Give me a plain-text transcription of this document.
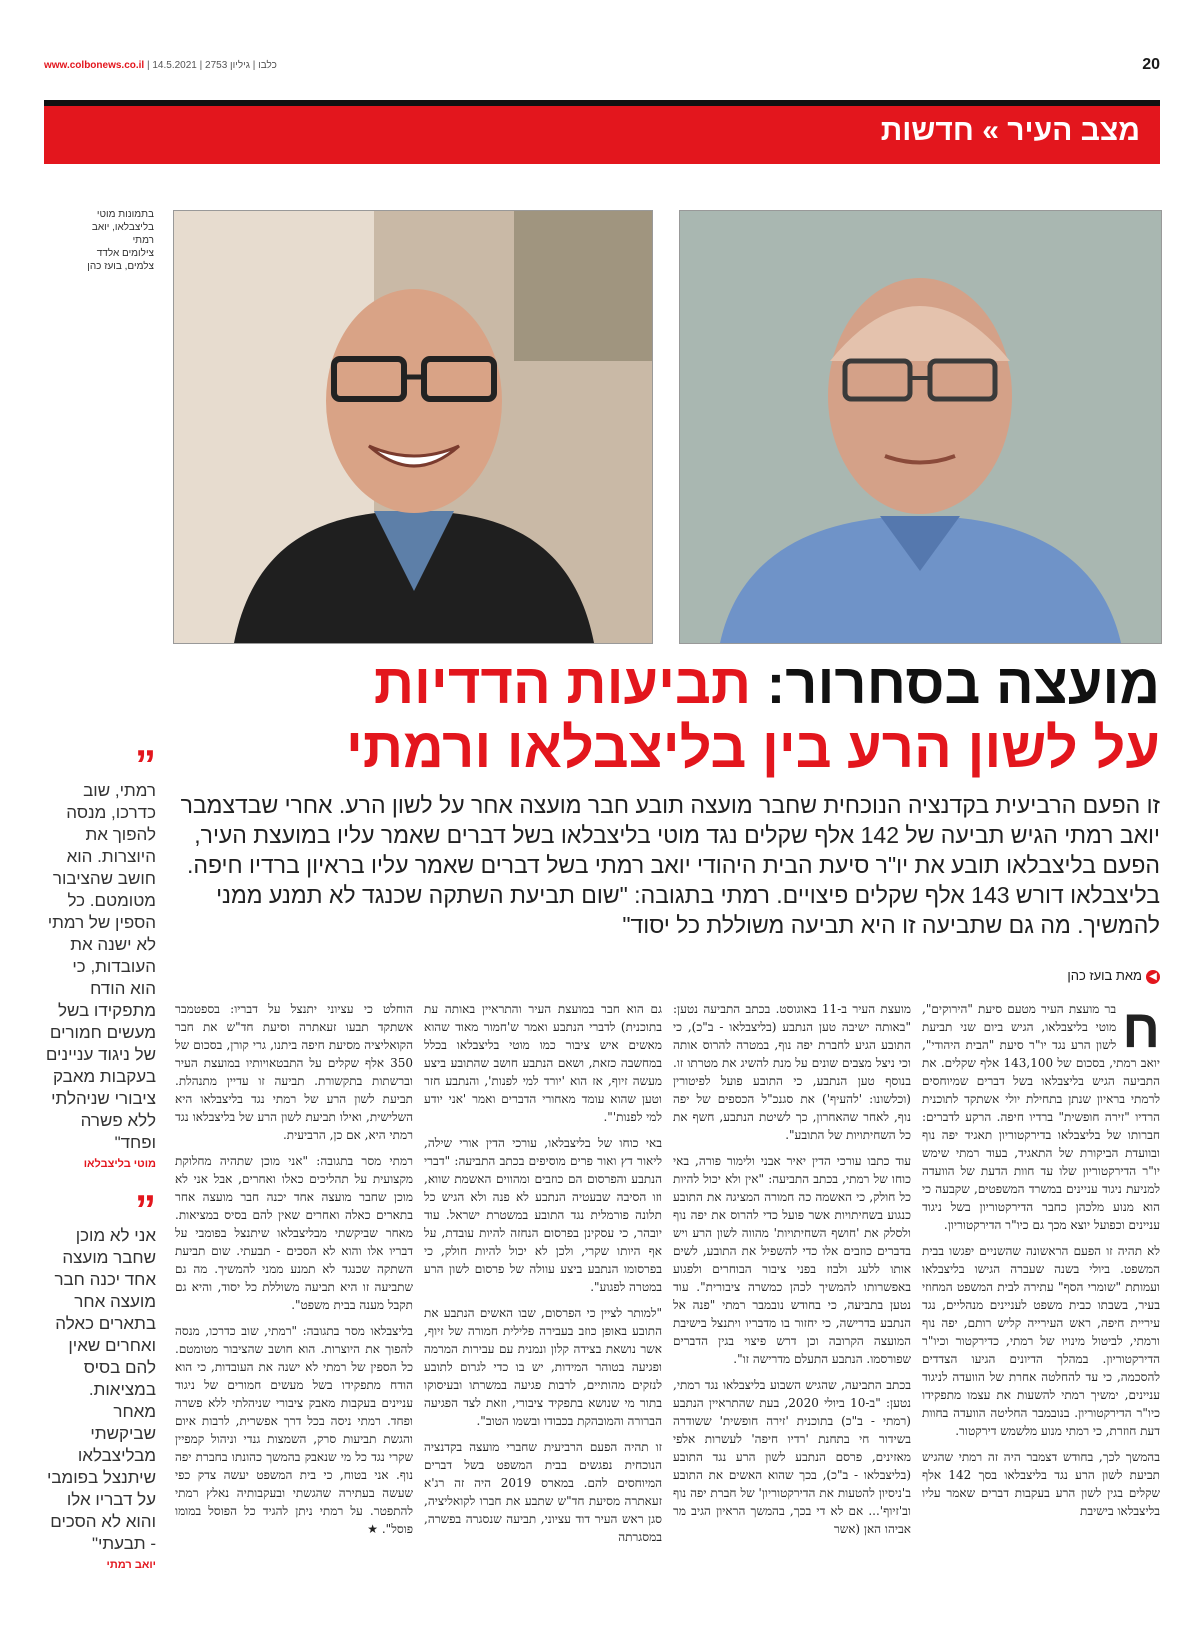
www.colbonews.co.il | כלבו | גיליון 2753 | 14.5.2021	20
מצב העיר » חדשות
בתמונות מוטי
בליצבלאו, יואב
רמתי
צילומים אלדד
צלמים, בועז כהן
מועצה בסחרור: תביעות הדדיות
על לשון הרע בין בליצבלאו ורמתי
זו הפעם הרביעית בקדנציה הנוכחית שחבר מועצה תובע חבר מועצה אחר על לשון הרע. אחרי שבדצמבר יואב רמתי הגיש תביעה של 142 אלף שקלים נגד מוטי בליצבלאו בשל דברים שאמר עליו במועצת העיר, הפעם בליצבלאו תובע את יו"ר סיעת הבית היהודי יואב רמתי בשל דברים שאמר עליו בראיון ברדיו חיפה. בליצבלאו דורש 143 אלף שקלים פיצויים. רמתי בתגובה: "שום תביעת השתקה שכנגד לא תמנע ממני להמשיך. מה גם שתביעה זו היא תביעה משוללת כל יסוד"
◀מאת בועז כהן
ח

בר מועצת העיר מטעם סיעת "הירוקים", מוטי בליצבלאו, הגיש ביום שני תביעת לשון הרע נגד יו"ר סיעת "הבית היהודי", יואב רמתי, בסכום של 143,100 אלף שקלים. את התביעה הגיש בליצבלאו בשל דברים שמיוחסים לרמתי בראיון שנתן בתחילת יולי אשתקד לתוכנית הרדיו "זירה חופשית" ברדיו חיפה. הרקע לדברים: חברותו של בליצבלאו בדירקטוריון תאגיד יפה נוף ובוועדת הביקורת של התאגיד, בעוד רמתי שימש יו"ר הדירקטוריון שלו עד חוות הדעת של הוועדה למניעת ניגוד עניינים במשרד המשפטים, שקבעה כי הוא מנוע מלכהן כחבר הדירקטוריון בשל ניגוד עניינים וכפועל יוצא מכך גם כיו"ר הדירקטוריון.

לא תהיה זו הפעם הראשונה שהשניים יפגשו בבית המשפט. ביולי בשנה שעברה הגישו בליצבלאו ועמותת "שומרי הסף" עתירה לבית המשפט המחוזי בעיר, בשבתו כבית משפט לעניינים מנהליים, נגד עיריית חיפה, ראש העירייה קליש רותם, יפה נוף ורמתי, לביטול מינויו של רמתי, כדירקטור וכיו"ר הדירקטוריון. במהלך הדיונים הגיעו הצדדים להסכמה, כי עד להחלטה אחרת של הוועדה לניגוד עניינים, ימשיך רמתי להשעות את עצמו מתפקידו כיו"ר הדירקטוריון. בנובמבר החליטה הוועדה בחוות דעת חוזרת, כי רמתי מנוע מלשמש דירקטור.

בהמשך לכך, בחודש דצמבר היה זה רמתי שהגיש תביעת לשון הרע נגד בליצבלאו בסך 142 אלף שקלים בגין לשון הרע בעקבות דברים שאמר עליו בליצבלאו בישיבת

מועצת העיר ב-11 באוגוסט. בכתב התביעה נטען: "באותה ישיבה טען הנתבע (בליצבלאו - ב"כ), כי התובע הגיע לחברת יפה נוף, במטרה להרוס אותה וכי ניצל מצבים שונים על מנת להשיג את מטרתו זו. בנוסף טען הנתבע, כי התובע פועל לפיטורין (וכלשונו: 'להעיף') את סגנכ"ל הכספים של יפה נוף, לאחר שהאחרון, כך לשיטת הנתבע, חשף את כל השחיתויות של התובע".

עוד כתבו עורכי הדין יאיר אבני ולימור פורה, באי כוחו של רמתי, בכתב התביעה: "אין ולא יכול להיות כל חולק, כי האשמה כה חמורה המציגה את התובע כנגוע בשחיתויות אשר פועל כדי להרוס את יפה נוף ולסלק את 'חושף השחיתויות' מהווה לשון הרע ויש בדברים כוזבים אלו כדי להשפיל את התובע, לשים אותו ללעג ולבוז בפני ציבור הבוחרים ולפגוע באפשרותו להמשיך לכהן כמשרה ציבורית". עוד נטען בתביעה, כי בחודש נובמבר רמתי "פנה אל הנתבע בדרישה, כי יחזור בו מדבריו ויתנצל בישיבת המועצה הקרובה וכן דרש פיצוי בגין הדברים שפורסמו. הנתבע התעלם מדרישה זו".

בכתב התביעה, שהגיש השבוע בליצבלאו נגד רמתי, נטען: "ב-10 ביולי 2020, בעת שהתראיין הנתבע (רמתי - ב"כ) בתוכנית 'זירה חופשית' ששודרה בשידור חי בתחנת 'רדיו חיפה' לעשרות אלפי מאזינים, פרסם הנתבע לשון הרע נגד התובע (בליצבלאו - ב"כ), בכך שהוא האשים את התובע ב'ניסיון להטעות את הדירקטוריון' של חברת יפה נוף וב'זיוף'... אם לא די בכך, בהמשך הראיון הגיב מר אביהו האן (אשר

גם הוא חבר במועצת העיר והתראיין באותה עת בתוכנית) לדברי הנתבע ואמר ש'חמור מאוד שהוא מאשים איש ציבור כמו מוטי בליצבלאו בכלל במחשבה כזאת, ושאם הנתבע חושב שהתובע ביצע מעשה זיוף, אז הוא 'יורד למי לפנות', והנתבע חזר וטען שהוא עומד מאחורי הדברים ואמר 'אני יודע למי לפנות'".

באי כוחו של בליצבלאו, עורכי הדין אורי שילה, ליאור דץ ואור פרים מוסיפים בכתב התביעה: "דברי הנתבע והפרסום הם כוזבים ומהווים האשמת שווא, וזו הסיבה שבעטיה הנתבע לא פנה ולא הגיש כל תלונה פורמלית נגד התובע במשטרת ישראל. עוד יובהר, כי עסקינן בפרסום הנחזה להיות עובדת, על אף היותו שקרי, ולכן לא יכול להיות חולק, כי בפרסומו הנתבע ביצע עוולה של פרסום לשון הרע במטרה לפגוע".

"למותר לציין כי הפרסום, שבו האשים הנתבע את התובע באופן כוזב בעבירה פלילית חמורה של זיוף, אשר נושאת בצידה קלון ונמנית עם עבירות המרמה ופגיעה בטוהר המידות, יש בו כדי לגרום לתובע לנזקים מהותיים, לרבות פגיעה במשרתו ובעיסוקו בתור מי שנושא בתפקיד ציבורי, וזאת לצד הפגיעה הברורה והמובהקת בכבודו ובשמו הטוב".

זו תהיה הפעם הרביעית שחברי מועצה בקדנציה הנוכחית נפגשים בבית המשפט בשל דברים המיוחסים להם. במארס 2019 היה זה רג'א זעאתרה מסיעת חד"ש שתבע את חברו לקואליציה, סגן ראש העיר דוד עציוני, תביעה שנסגרה בפשרה, במסגרתה

הוחלט כי עציוני יתנצל על דבריו: בספטמבר אשתקד תבעו זעאתרה וסיעת חד"ש את חבר הקואליציה מסיעת חיפה ביתנו, גרי קורן, בסכום של 350 אלף שקלים על התבטאויותיו במועצת העיר וברשתות בתקשורת. תביעה זו עדיין מתנהלת. תביעת לשון הרע של רמתי נגד בליצבלאו היא השלישית, ואילו תביעת לשון הרע של בליצבלאו נגד רמתי היא, אם כן, הרביעית.

רמתי מסר בתגובה: "אני מוכן שתהיה מחלוקת מקצועית על תהליכים כאלו ואחרים, אבל אני לא מוכן שחבר מועצה אחד יכנה חבר מועצה אחר בתארים כאלה ואחרים שאין להם בסיס במציאות. מאחר שביקשתי מבליצבלאו שיתנצל בפומבי על דבריו אלו והוא לא הסכים - תבעתי. שום תביעת השתקה שכנגד לא תמנע ממני להמשיך. מה גם שתביעה זו היא תביעה משוללת כל יסוד, והיא גם תקבל מענה בבית משפט".

בליצבלאו מסר בתגובה: "רמתי, שוב כדרכו, מנסה להפוך את היוצרות. הוא חושב שהציבור מטומטם. כל הספין של רמתי לא ישנה את העובדות, כי הוא הודח מתפקידו בשל מעשים חמורים של ניגוד עניינים בעקבות מאבק ציבורי שניהלתי ללא פשרה ופחד. רמתי ניסה בכל דרך אפשרית, לרבות איום והגשת תביעות סרק, השמצות גנדי וניהול קמפיין שקרי נגד כל מי שנאבק בהמשך כהונתו בחברת יפה נוף. אני בטוח, כי בית המשפט יעשה צדק כפי שעשה בעתירה שהגשתי ובעקבותיה נאלץ רמתי להתפטר. על רמתי ניתן להגיד כל הפוסל במומו פוסל". ★

”
רמתי, שוב כדרכו, מנסה להפוך את היוצרות. הוא חושב שהציבור מטומטם. כל הספין של רמתי לא ישנה את העובדות, כי הוא הודח מתפקידו בשל מעשים חמורים של ניגוד עניינים בעקבות מאבק ציבורי שניהלתי ללא פשרה ופחד"
מוטי בליצבלאו
”
אני לא מוכן שחבר מועצה אחד יכנה חבר מועצה אחר בתארים כאלה ואחרים שאין להם בסיס במציאות. מאחר שביקשתי מבליצבלאו שיתנצל בפומבי על דבריו אלו והוא לא הסכים - תבעתי"
יואב רמתי
